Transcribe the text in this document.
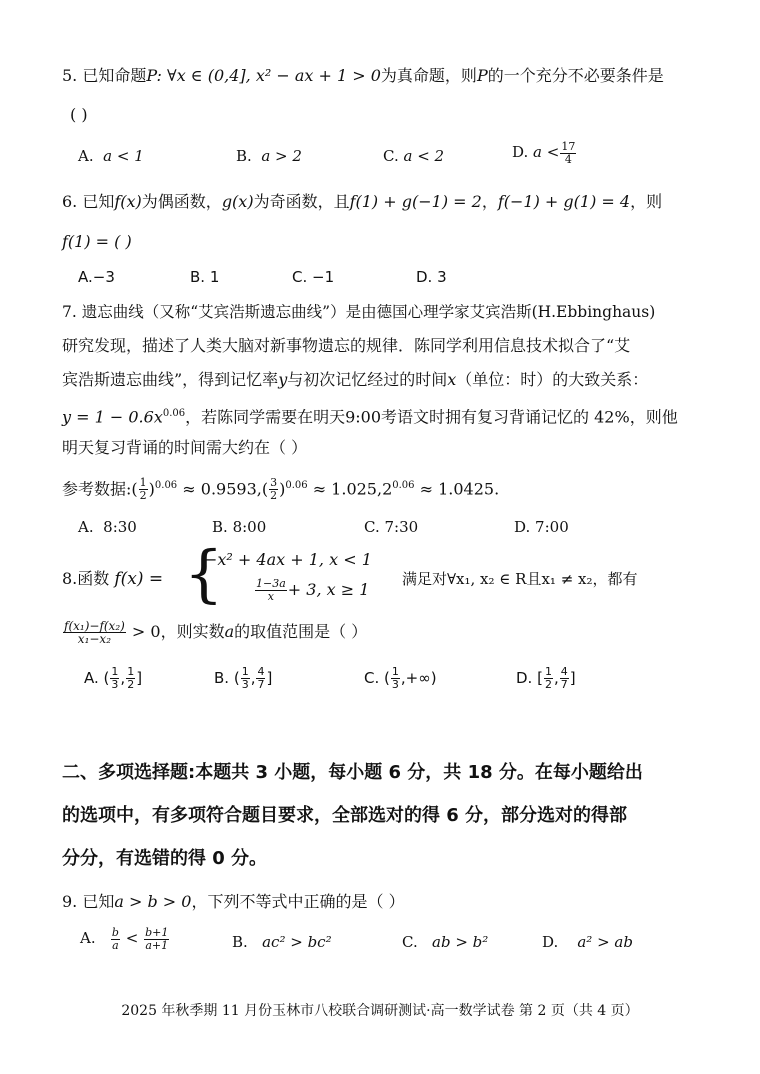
5. 已知命题P: ∀x ∈ (0,4], x² − ax + 1 > 0为真命题，则P的一个充分不必要条件是
( )
A. a < 1	B. a > 2	C. a < 2	D. $a < \frac{17}{4}$
6. 已知f(x)为偶函数，g(x)为奇函数，且f(1) + g(−1) = 2，f(−1) + g(1) = 4，则
f(1) = ( )
A.−3	B. 1	C. −1	D. 3
7. 遗忘曲线（又称“艾宾浩斯遗忘曲线”）是由德国心理学家艾宾浩斯(H.Ebbinghaus)
研究发现，描述了人类大脑对新事物遗忘的规律．陈同学利用信息技术拟合了“艾
宾浩斯遗忘曲线”，得到记忆率y与初次记忆经过的时间x（单位：时）的大致关系：
$y = 1 - 0.6x^{0.06}$，若陈同学需要在明天9:00考语文时拥有复习背诵记忆的 42%，则他
明天复习背诵的时间需大约在（ ）
参考数据:( $\frac{1}{2} )^{0.06} \approx 0.9593,( \frac{3}{2} )^{0.06} \approx 1.025,2^{0.06} \approx 1.0425$.
A. 8:30	B. 8:00	C. 7:30	D. 7:00
8.函数 f(x) = {
−x² + 4ax + 1, x < 1
$\frac{1-3a}{x} + 3$, x ≥ 1
满足对∀x₁, x₂ ∈ R且x₁ ≠ x₂，都有
$\frac{\text{f(x₁)−f(x₂)}}{\text{x₁−x₂}} > 0$，则实数a的取值范围是（ ）
A. ( $\frac{1}{3}$ , $\frac{1}{2}$ ]	B. ( $\frac{1}{3}$ , $\frac{4}{7}$ ]	C. ( $\frac{1}{3}$ ,+∞)	D. [ $\frac{1}{2}$ , $\frac{4}{7}$ ]
二、多项选择题:本题共 3 小题，每小题 6 分，共 18 分。在每小题给出
的选项中，有多项符合题目要求，全部选对的得 6 分，部分选对的得部
分分，有选错的得 0 分。
9. 已知a > b > 0，下列不等式中正确的是（ ）
A. $\frac{b}{a} < \frac{b+1}{a+1}$	B. ac² > bc²	C. ab > b²	D. a² > ab
2025 年秋季期 11 月份玉林市八校联合调研测试·高一数学试卷 第 2 页（共 4 页）
